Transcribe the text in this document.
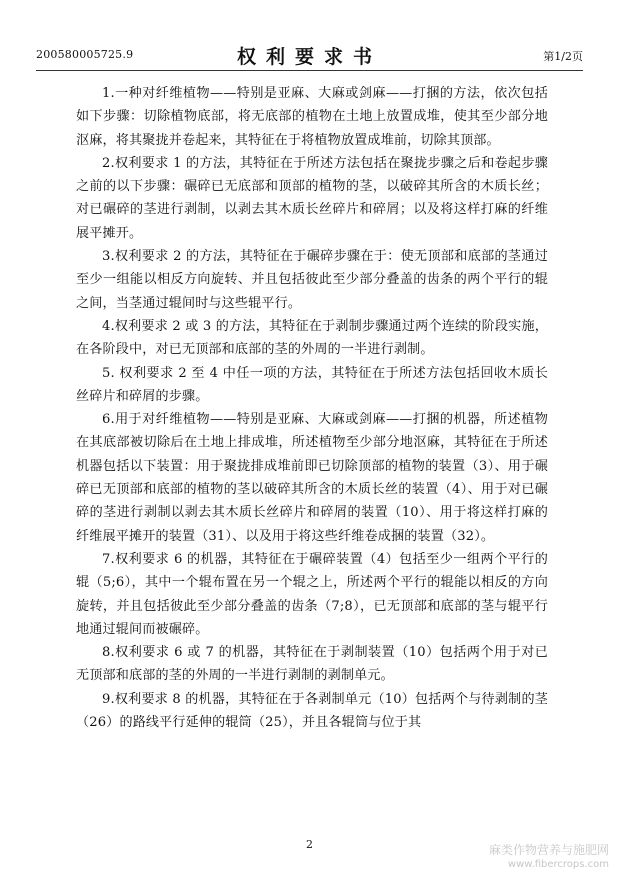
200580005725.9	权利要求书	第1/2页

1.一种对纤维植物——特别是亚麻、大麻或剑麻——打捆的方法，依次包括如下步骤：切除植物底部，将无底部的植物在土地上放置成堆，使其至少部分地沤麻，将其聚拢并卷起来，其特征在于将植物放置成堆前，切除其顶部。

2.权利要求 1 的方法，其特征在于所述方法包括在聚拢步骤之后和卷起步骤之前的以下步骤：碾碎已无底部和顶部的植物的茎，以破碎其所含的木质长丝；对已碾碎的茎进行剥制，以剥去其木质长丝碎片和碎屑；以及将这样打麻的纤维展平摊开。

3.权利要求 2 的方法，其特征在于碾碎步骤在于：使无顶部和底部的茎通过至少一组能以相反方向旋转、并且包括彼此至少部分叠盖的齿条的两个平行的辊之间，当茎通过辊间时与这些辊平行。

4.权利要求 2 或 3 的方法，其特征在于剥制步骤通过两个连续的阶段实施，在各阶段中，对已无顶部和底部的茎的外周的一半进行剥制。

5. 权利要求 2 至 4 中任一项的方法，其特征在于所述方法包括回收木质长丝碎片和碎屑的步骤。

6.用于对纤维植物——特别是亚麻、大麻或剑麻——打捆的机器，所述植物在其底部被切除后在土地上排成堆，所述植物至少部分地沤麻，其特征在于所述机器包括以下装置：用于聚拢排成堆前即已切除顶部的植物的装置（3）、用于碾碎已无顶部和底部的植物的茎以破碎其所含的木质长丝的装置（4）、用于对已碾碎的茎进行剥制以剥去其木质长丝碎片和碎屑的装置（10）、用于将这样打麻的纤维展平摊开的装置（31）、以及用于将这些纤维卷成捆的装置（32）。

7.权利要求 6 的机器，其特征在于碾碎装置（4）包括至少一组两个平行的辊（5;6），其中一个辊布置在另一个辊之上，所述两个平行的辊能以相反的方向旋转，并且包括彼此至少部分叠盖的齿条（7;8），已无顶部和底部的茎与辊平行地通过辊间而被碾碎。

8.权利要求 6 或 7 的机器，其特征在于剥制装置（10）包括两个用于对已无顶部和底部的茎的外周的一半进行剥制的剥制单元。

9.权利要求 8 的机器，其特征在于各剥制单元（10）包括两个与待剥制的茎（26）的路线平行延伸的辊筒（25），并且各辊筒与位于其

2	麻类作物营养与施肥网
www.fibercrops.com
